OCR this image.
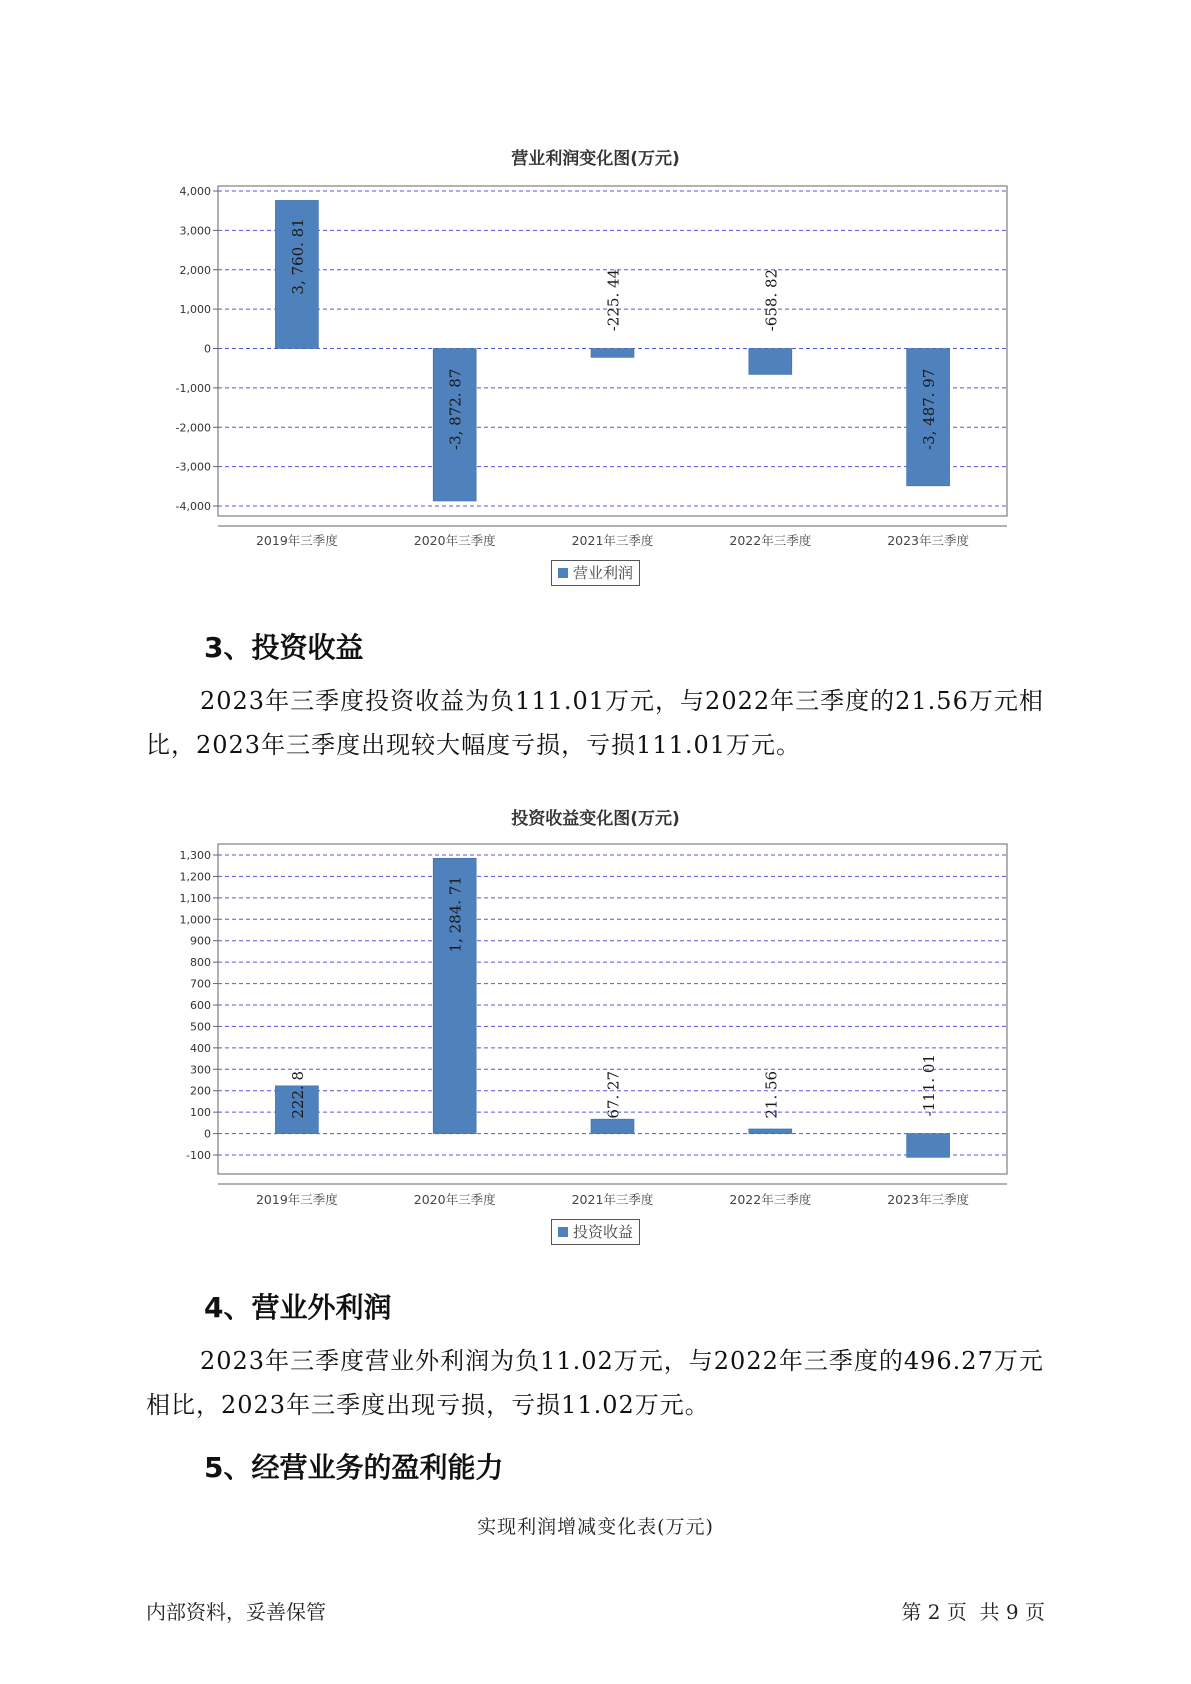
营业利润变化图(万元)
4,000
3,000
2,000
1,000
0
-1,000
-2,000
-3,000
-4,000
3, 760. 81
2019年三季度
-3, 872. 87
2020年三季度
-225. 44
2021年三季度
-658. 82
2022年三季度
-3, 487. 97
2023年三季度
营业利润
3、投资收益
2023年三季度投资收益为负111.01万元，与2022年三季度的21.56万元相比，2023年三季度出现较大幅度亏损，亏损111.01万元。
投资收益变化图(万元)
1,300
1,200
1,100
1,000
900
800
700
600
500
400
300
200
100
0
-100
222. 8
2019年三季度
1, 284. 71
2020年三季度
67. 27
2021年三季度
21. 56
2022年三季度
-111. 01
2023年三季度
投资收益
4、营业外利润
2023年三季度营业外利润为负11.02万元，与2022年三季度的496.27万元相比，2023年三季度出现亏损，亏损11.02万元。
5、经营业务的盈利能力
实现利润增减变化表(万元)
内部资料，妥善保管	第 2 页  共 9 页
